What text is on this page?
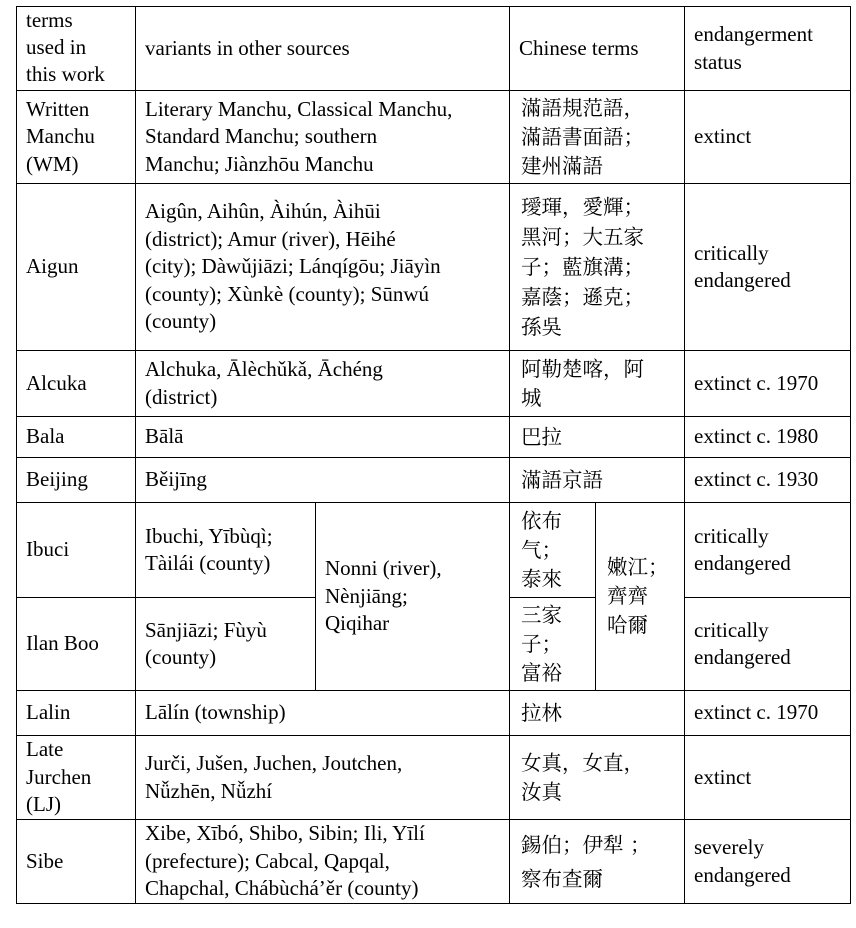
terms
used in
this work	variants in other sources		Chinese terms		endangerment
status

Written
Manchu
(WM)	Literary Manchu, Classical Manchu,
Standard Manchu; southern
Manchu; Jiànzhōu Manchu		滿語規范語，
滿語書面語；
建州滿語		extinct
Aigun	Aigûn, Aihûn, Àihún, Àihūi
(district); Amur (river), Hēihé
(city); Dàwǔjiāzi; Lánqígōu; Jiāyìn
(county); Xùnkè (county); Sūnwú
(county)		璦琿，愛輝；
黑河；大五家
子；藍旗溝；
嘉蔭；遜克；
孫吳		critically
endangered

Alcuka	Alchuka, Ālèchǔkǎ, Āchéng
(district)		阿勒楚喀，阿
城		extinct c. 1970
Bala	Bālā		巴拉		extinct c. 1980
Beijing	Běijīng		滿語京語		extinct c. 1930
Ibuci	Ibuchi, Yībùqì;
Tàilái (county)	Nonni (river),
Nènjiāng;
Qiqihar	依布
气；
泰來	嫩江；
齊齊
哈爾	critically
endangered

Ilan Boo	Sānjiāzi; Fùyù
(county)		三家
子；
富裕		critically
endangered

Lalin	Lālín (township)		拉林		extinct c. 1970

Late
Jurchen
(LJ)	Jurči, Jušen, Juchen, Joutchen,
Nǚzhēn, Nǚzhí		女真，女直，
汝真		extinct
Sibe	Xibe, Xībó, Shibo, Sibin; Ili, Yīlí
(prefecture); Cabcal, Qapqal,
Chapchal, Chábùchá’ěr (county)		錫伯；伊犁 ；
察布查爾		severely
endangered
